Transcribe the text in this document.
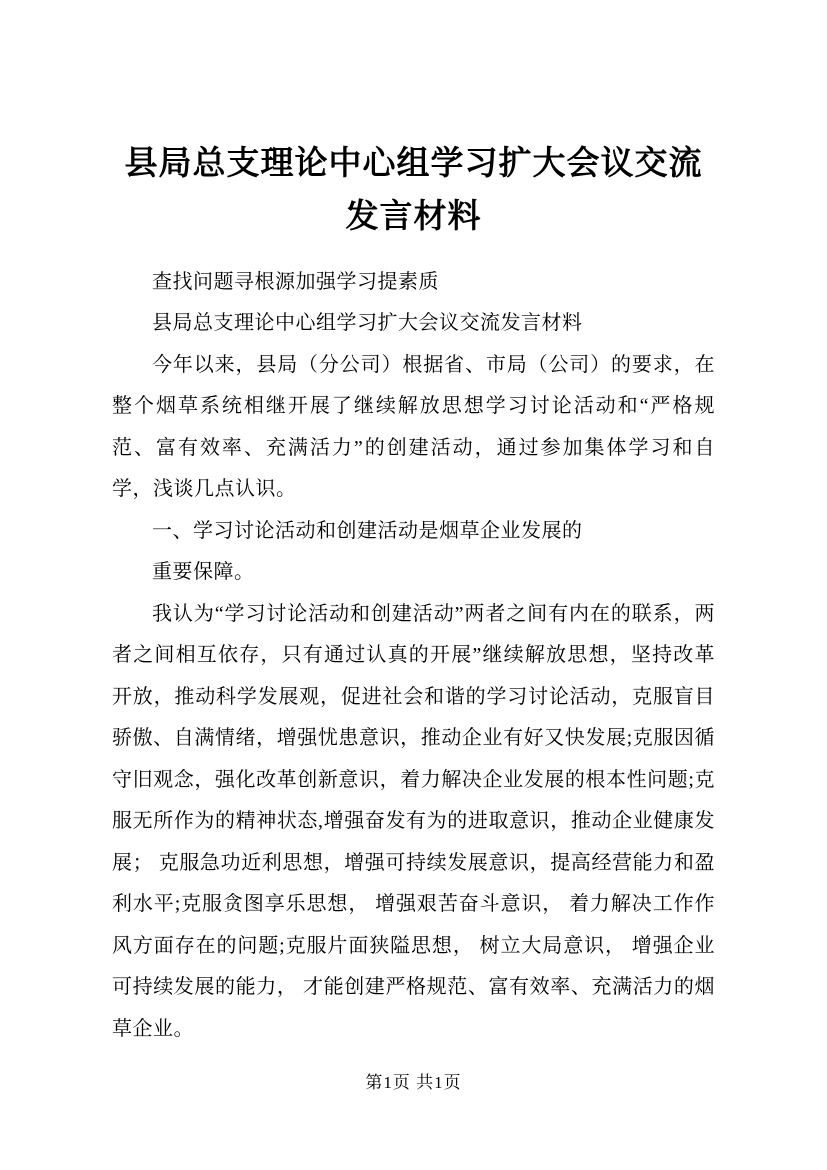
县局总支理论中心组学习扩大会议交流发言材料

查找问题寻根源加强学习提素质

县局总支理论中心组学习扩大会议交流发言材料

今年以来，县局（分公司）根据省、市局（公司）的要求，在整个烟草系统相继开展了继续解放思想学习讨论活动和“严格规范、富有效率、充满活力”的创建活动，通过参加集体学习和自学，浅谈几点认识。

一、学习讨论活动和创建活动是烟草企业发展的

重要保障。

我认为“学习讨论活动和创建活动”两者之间有内在的联系，两者之间相互依存，只有通过认真的开展”继续解放思想，坚持改革开放，推动科学发展观，促进社会和谐的学习讨论活动，克服盲目骄傲、自满情绪，增强忧患意识，推动企业有好又快发展;克服因循守旧观念，强化改革创新意识，着力解决企业发展的根本性问题;克服无所作为的精神状态,增强奋发有为的进取意识，推动企业健康发展； 克服急功近利思想，增强可持续发展意识，提高经营能力和盈利水平;克服贪图享乐思想， 增强艰苦奋斗意识， 着力解决工作作风方面存在的问题;克服片面狭隘思想， 树立大局意识， 增强企业可持续发展的能力， 才能创建严格规范、富有效率、充满活力的烟草企业。

第1页 共1页
